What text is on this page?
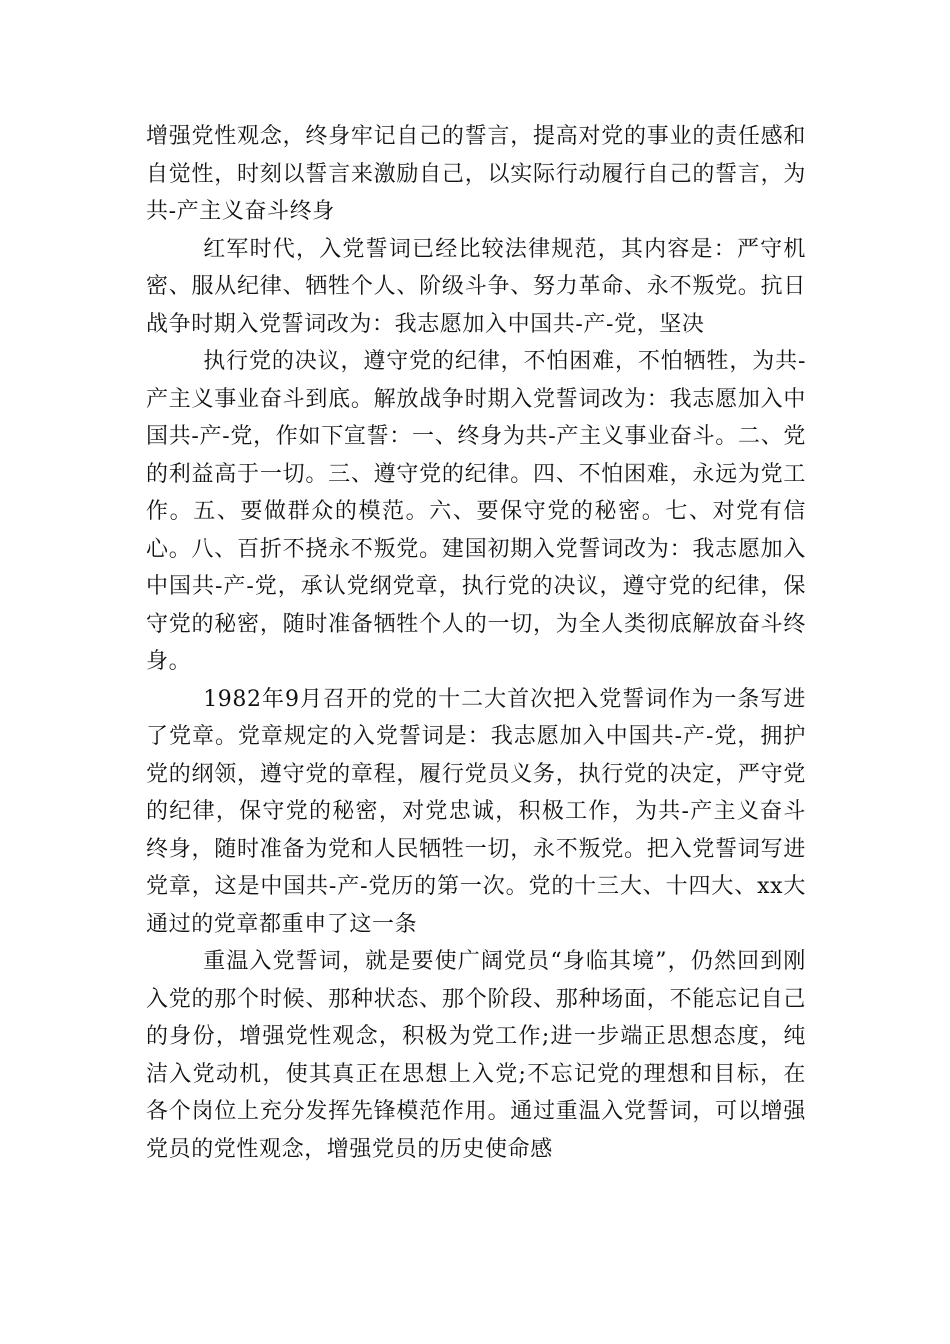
增强党性观念，终身牢记自己的誓言，提高对党的事业的责任感和自觉性，时刻以誓言来激励自己，以实际行动履行自己的誓言，为共-产主义奋斗终身

红军时代，入党誓词已经比较法律规范，其内容是：严守机密、服从纪律、牺牲个人、阶级斗争、努力革命、永不叛党。抗日战争时期入党誓词改为：我志愿加入中国共-产-党，坚决

执行党的决议，遵守党的纪律，不怕困难，不怕牺牲，为共-产主义事业奋斗到底。解放战争时期入党誓词改为：我志愿加入中国共-产-党，作如下宣誓：一、终身为共-产主义事业奋斗。二、党的利益高于一切。三、遵守党的纪律。四、不怕困难，永远为党工作。五、要做群众的模范。六、要保守党的秘密。七、对党有信心。八、百折不挠永不叛党。建国初期入党誓词改为：我志愿加入中国共-产-党，承认党纲党章，执行党的决议，遵守党的纪律，保守党的秘密，随时准备牺牲个人的一切，为全人类彻底解放奋斗终身。

1982年9月召开的党的十二大首次把入党誓词作为一条写进了党章。党章规定的入党誓词是：我志愿加入中国共-产-党，拥护党的纲领，遵守党的章程，履行党员义务，执行党的决定，严守党的纪律，保守党的秘密，对党忠诚，积极工作，为共-产主义奋斗终身，随时准备为党和人民牺牲一切，永不叛党。把入党誓词写进党章，这是中国共-产-党历的第一次。党的十三大、十四大、xx大通过的党章都重申了这一条

重温入党誓词，就是要使广阔党员“身临其境”，仍然回到刚入党的那个时候、那种状态、那个阶段、那种场面，不能忘记自己的身份，增强党性观念，积极为党工作;进一步端正思想态度，纯洁入党动机，使其真正在思想上入党;不忘记党的理想和目标，在各个岗位上充分发挥先锋模范作用。通过重温入党誓词，可以增强党员的党性观念，增强党员的历史使命感
